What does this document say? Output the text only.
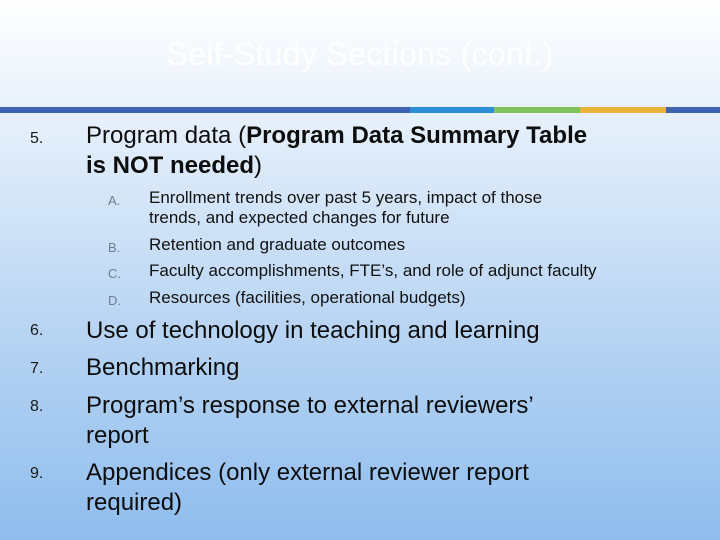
Self-Study Sections (cont.)
5. Program data (Program Data Summary Table
is NOT needed)
A. Enrollment trends over past 5 years, impact of those
trends, and expected changes for future
B. Retention and graduate outcomes
C. Faculty accomplishments, FTE’s, and role of adjunct faculty
D. Resources (facilities, operational budgets)
6. Use of technology in teaching and learning
7. Benchmarking
8. Program’s response to external reviewers’
report
9. Appendices (only external reviewer report
required)
